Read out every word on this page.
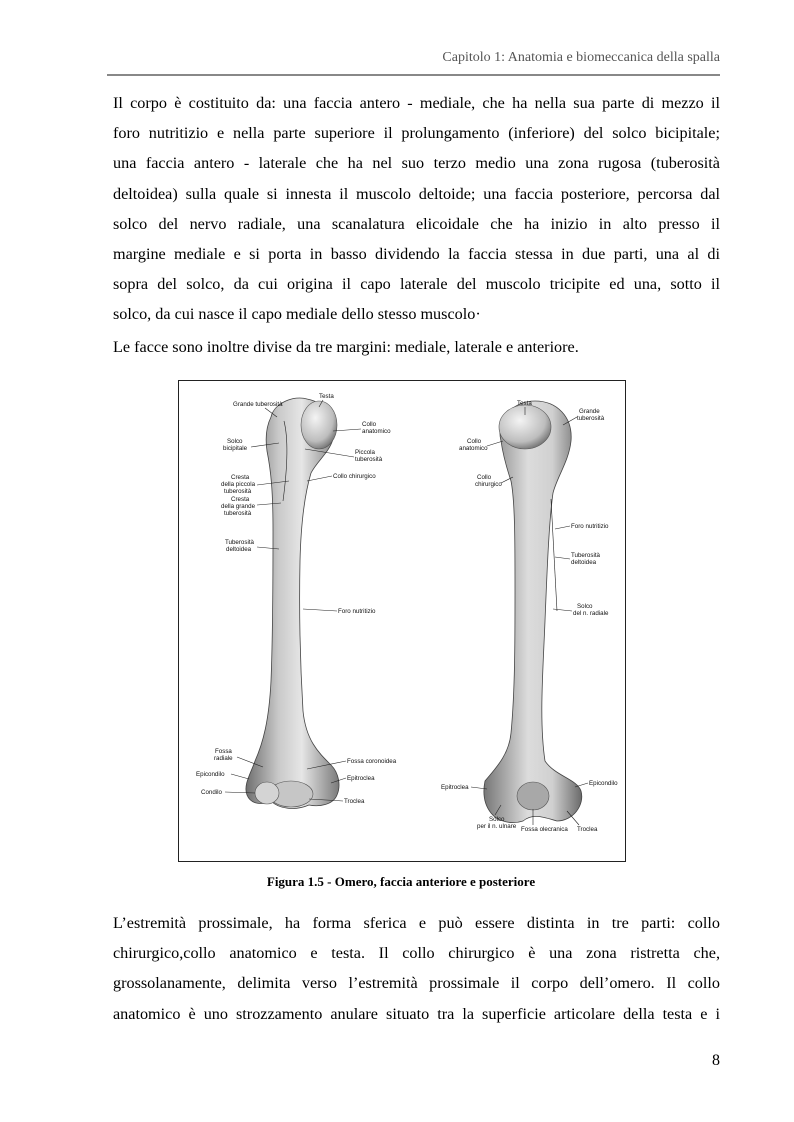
Capitolo 1: Anatomia e biomeccanica della spalla
Il corpo è costituito da: una faccia antero - mediale, che ha nella sua parte di mezzo il
foro nutritizio e nella parte superiore il prolungamento (inferiore) del solco bicipitale;
una faccia antero - laterale che ha nel suo terzo medio una zona rugosa (tuberosità
deltoidea) sulla quale si innesta il muscolo deltoide; una faccia posteriore, percorsa dal
solco del nervo radiale, una scanalatura elicoidale che ha inizio in alto presso il
margine mediale e si porta in basso dividendo la faccia stessa in due parti, una al di
sopra del solco, da cui origina il capo laterale del muscolo tricipite ed una, sotto il
solco, da cui nasce il capo mediale dello stesso muscolo·
Le facce sono inoltre divise da tre margini: mediale, laterale e anteriore.
Testa
Grande tuberosità
Collo
anatomico
Solco
bicipitale
Piccola
tuberosità
Collo chirurgico
Cresta
della piccola
tuberosità
Cresta
della grande
tuberosità
Tuberosità
deltoidea
Foro nutritizio
Fossa
radiale	Fossa coronoidea
Epicondilo
Epitroclea
Condilo
Troclea
Testa
Grande
tuberosità
Collo
anatomico
Collo
chirurgico
Foro nutritizio
Tuberosità
deltoidea
Solco
del n. radiale
Epitroclea
Epicondilo
Solco
per il n. ulnare Fossa olecranica Troclea
Figura 1.5 - Omero, faccia anteriore e posteriore
L’estremità prossimale, ha forma sferica e può essere distinta in tre parti: collo
chirurgico,collo anatomico e testa. Il collo chirurgico è una zona ristretta che,
grossolanamente, delimita verso l’estremità prossimale il corpo dell’omero. Il collo
anatomico è uno strozzamento anulare situato tra la superficie articolare della testa e i
8
